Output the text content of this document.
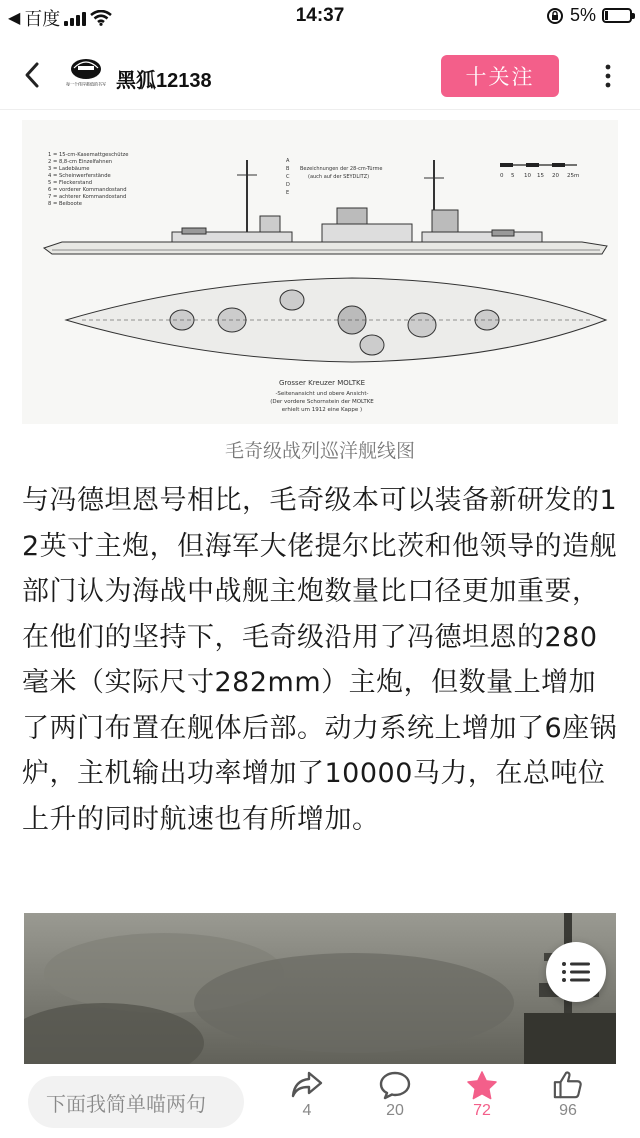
◀ 百度	14:37	5%
每一个伟岸都值的书写 黑狐12138	十关注
1 = 15-cm-Kasemattgeschütze
2 = 8,8-cm Einzelfahnen
3 = Ladebäume
4 = Scheinwerferstände
5 = Fleckerstand
6 = vorderer Kommandostand
7 = achterer Kommandostand
8 = Beiboote
A
B
C
D
E
Bezeichnungen der 28-cm-Türme
(auch auf der SEYDLITZ)	0 5 10 15 20 25m
Grosser Kreuzer MOLTKE
-Seitenansicht und obere Ansicht-
(Der vordere Schornstein der MOLTKE
erhielt um 1912 eine Kappe )
毛奇级战列巡洋舰线图
与冯德坦恩号相比，毛奇级本可以装备新研发的12英寸主炮，但海军大佬提尔比茨和他领导的造舰部门认为海战中战舰主炮数量比口径更加重要，在他们的坚持下，毛奇级沿用了冯德坦恩的280毫米（实际尺寸282mm）主炮，但数量上增加了两门布置在舰体后部。动力系统上增加了6座锅炉，主机输出功率增加了10000马力，在总吨位上升的同时航速也有所增加。
下面我简单喵两句	4	20	72	96
